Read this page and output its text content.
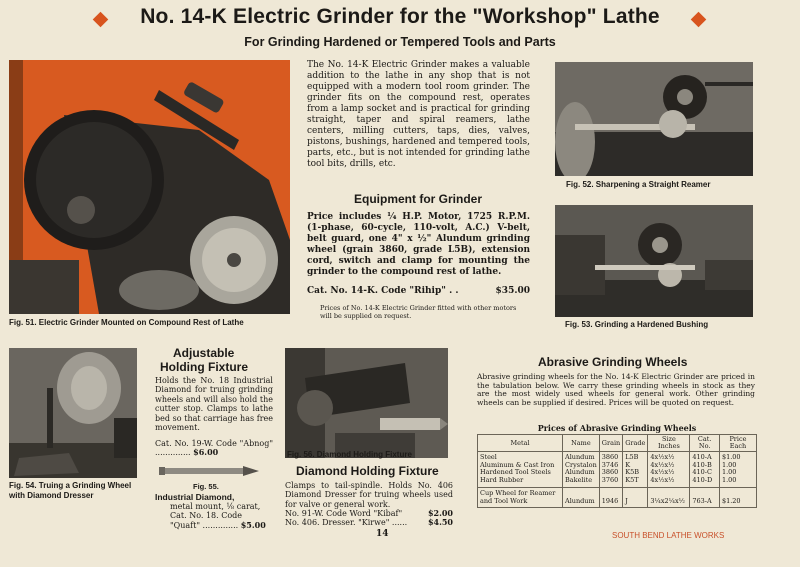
No. 14-K Electric Grinder for the "Workshop" Lathe
For Grinding Hardened or Tempered Tools and Parts
Fig. 51. Electric Grinder Mounted on Compound Rest of Lathe
The No. 14-K Electric Grinder makes a valuable addition to the lathe in any shop that is not equipped with a modern tool room grinder. The grinder fits on the compound rest, operates from a lamp socket and is practical for grinding straight, taper and spiral reamers, lathe centers, milling cutters, taps, dies, valves, pistons, bushings, hardened and tempered tools, parts, etc., but is not intended for grinding lathe tool bits, drills, etc.
Equipment for Grinder
Price includes ¼ H.P. Motor, 1725 R.P.M. (1-phase, 60-cycle, 110-volt, A.C.) V-belt, belt guard, one 4" x ½" Alundum grinding wheel (grain 3860, grade L5B), extension cord, switch and clamp for mounting the grinder to the compound rest of lathe.
Cat. No. 14-K. Code "Rihip" . .	$35.00
Prices of No. 14-K Electric Grinder fitted with other motors will be supplied on request.
Fig. 52. Sharpening a Straight Reamer
Fig. 53. Grinding a Hardened Bushing
Fig. 54. Truing a Grinding Wheel with Diamond Dresser
Adjustable
Holding Fixture
Holds the No. 18 Industrial Diamond for truing grinding wheels and will also hold the cutter stop. Clamps to lathe bed so that carriage has free movement.
Cat. No. 19-W. Code "Abnog" .............. $6.00
Fig. 55.
Industrial Diamond,
metal mount, ⅛ carat, Cat. No. 18. Code "Quaft" .............. $5.00
Fig. 56. Diamond Holding Fixture
Diamond Holding Fixture
Clamps to tail-spindle. Holds No. 406 Diamond Dresser for truing wheels used for valve or general work.
No. 91-W. Code Word "Kibaf"	$2.00
No. 406. Dresser. "Kirwe" ......	$4.50
Abrasive Grinding Wheels
Abrasive grinding wheels for the No. 14-K Electric Grinder are priced in the tabulation below. We carry these grinding wheels in stock as they are the most widely used wheels for general work. Other grinding wheels can be supplied if desired. Prices will be quoted on request.
Prices of Abrasive Grinding Wheels
Metal	Name	Grain	Grade	Size Inches	Cat. No.	Price Each
Steel	Alundum	3860	L5B	4x½x½	410-A	$1.00
Aluminum & Cast Iron	Crystalon	3746	K	4x½x½	410-B	1.00
Hardened Tool Steels	Alundum	3860	K5B	4x½x½	410-C	1.00
Hard Rubber	Bakelite	3760	K5T	4x½x½	410-D	1.00
Cup Wheel for Reamer and Tool Work	Alundum	1946	J	3¼x2¼x½	763-A	$1.20
14	SOUTH BEND LATHE WORKS
